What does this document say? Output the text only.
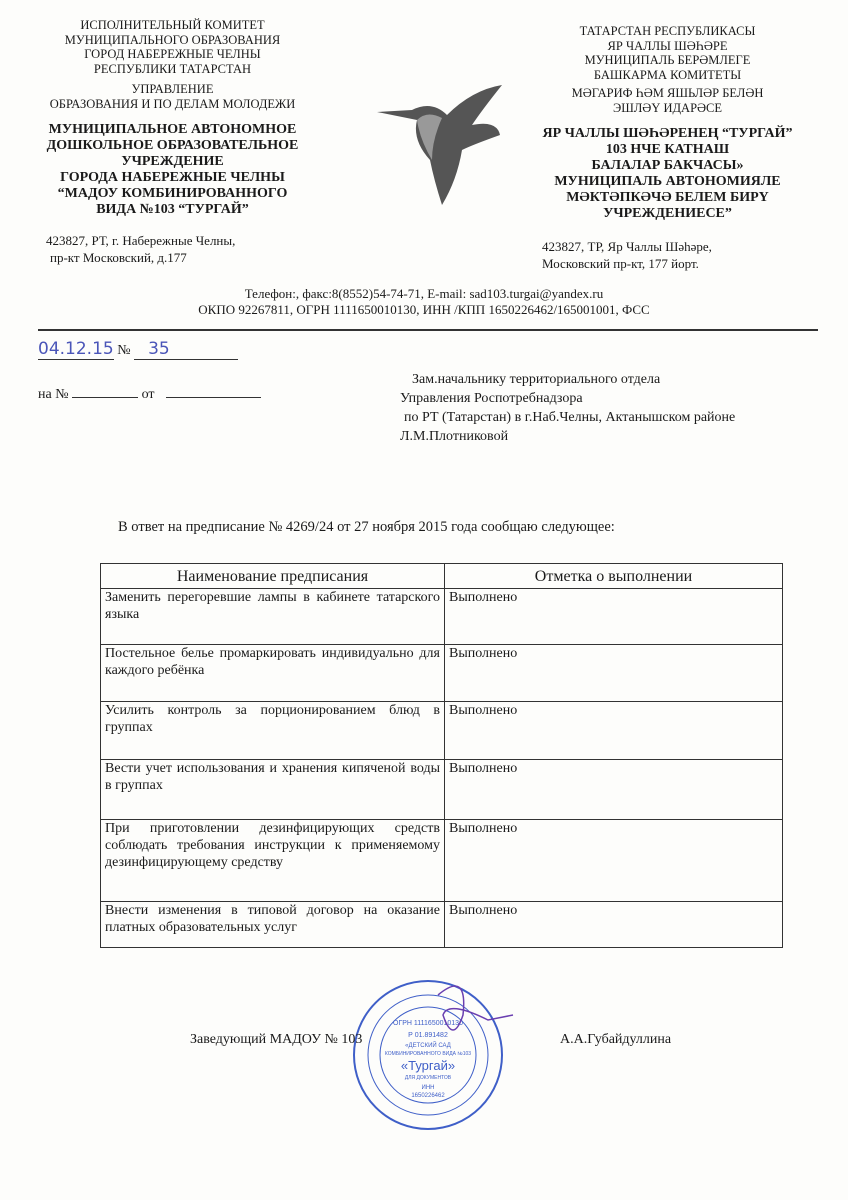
ИСПОЛНИТЕЛЬНЫЙ КОМИТЕТ
МУНИЦИПАЛЬНОГО ОБРАЗОВАНИЯ
ГОРОД НАБЕРЕЖНЫЕ ЧЕЛНЫ
РЕСПУБЛИКИ ТАТАРСТАН
УПРАВЛЕНИЕ
ОБРАЗОВАНИЯ И ПО ДЕЛАМ МОЛОДЕЖИ
МУНИЦИПАЛЬНОЕ АВТОНОМНОЕ
ДОШКОЛЬНОЕ ОБРАЗОВАТЕЛЬНОЕ
УЧРЕЖДЕНИЕ
ГОРОДА НАБЕРЕЖНЫЕ ЧЕЛНЫ
“МАДОУ КОМБИНИРОВАННОГО
ВИДА №103 “ТУРГАЙ”
423827, РТ, г. Набережные Челны,
пр-кт Московский, д.177
ТАТАРСТАН РЕСПУБЛИКАСЫ
ЯР ЧАЛЛЫ ШӘҺӘРЕ
МУНИЦИПАЛЬ БЕРӘМЛЕГЕ
БАШКАРМА КОМИТЕТЫ
МӘГАРИФ ҺӘМ ЯШЬЛӘР БЕЛӘН
ЭШЛӘҮ ИДАРӘСЕ
ЯР ЧАЛЛЫ ШӘҺӘРЕНЕҢ “ТУРГАЙ”
103 НЧЕ КАТНАШ
БАЛАЛАР БАКЧАСЫ»
МУНИЦИПАЛЬ АВТОНОМИЯЛЕ
МӘКТӘПКӘЧӘ БЕЛЕМ БИРҮ
УЧРЕЖДЕНИЕСЕ”
423827, ТР, Яр Чаллы Шәһәре,
Московский пр-кт, 177 йорт.
Телефон:, факс:8(8552)54-74-71, E-mail: sad103.turgai@yandex.ru
ОКПО 92267811, ОГРН 1111650010130, ИНН /КПП 1650226462/165001001, ФСС
04.12.15 № 35
на №	от
Зам.начальнику территориального отдела
Управления Роспотребнадзора
по РТ (Татарстан) в г.Наб.Челны, Актанышском районе
Л.М.Плотниковой
В ответ на предписание № 4269/24 от 27 ноября 2015 года сообщаю следующее:
Наименование предписания	Отметка о выполнении
Заменить перегоревшие лампы в кабинете татарского языка	Выполнено
Постельное белье промаркировать индивидуально для каждого ребёнка	Выполнено
Усилить контроль за порционированием блюд в группах	Выполнено
Вести учет использования и хранения кипяченой воды в группах	Выполнено
При приготовлении дезинфицирующих средств соблюдать требования инструкции к применяемому дезинфицирующему средству	Выполнено
Внести изменения в типовой договор на оказание платных образовательных услуг	Выполнено
ОГРН 1111650010130
Р 01.891482
«ДЕТСКИЙ САД
КОМБИНИРОВАННОГО ВИДА №103
«Тургай»
ДЛЯ ДОКУМЕНТОВ
ИНН
1650226462
Заведующий МАДОУ № 103	А.А.Губайдуллина
